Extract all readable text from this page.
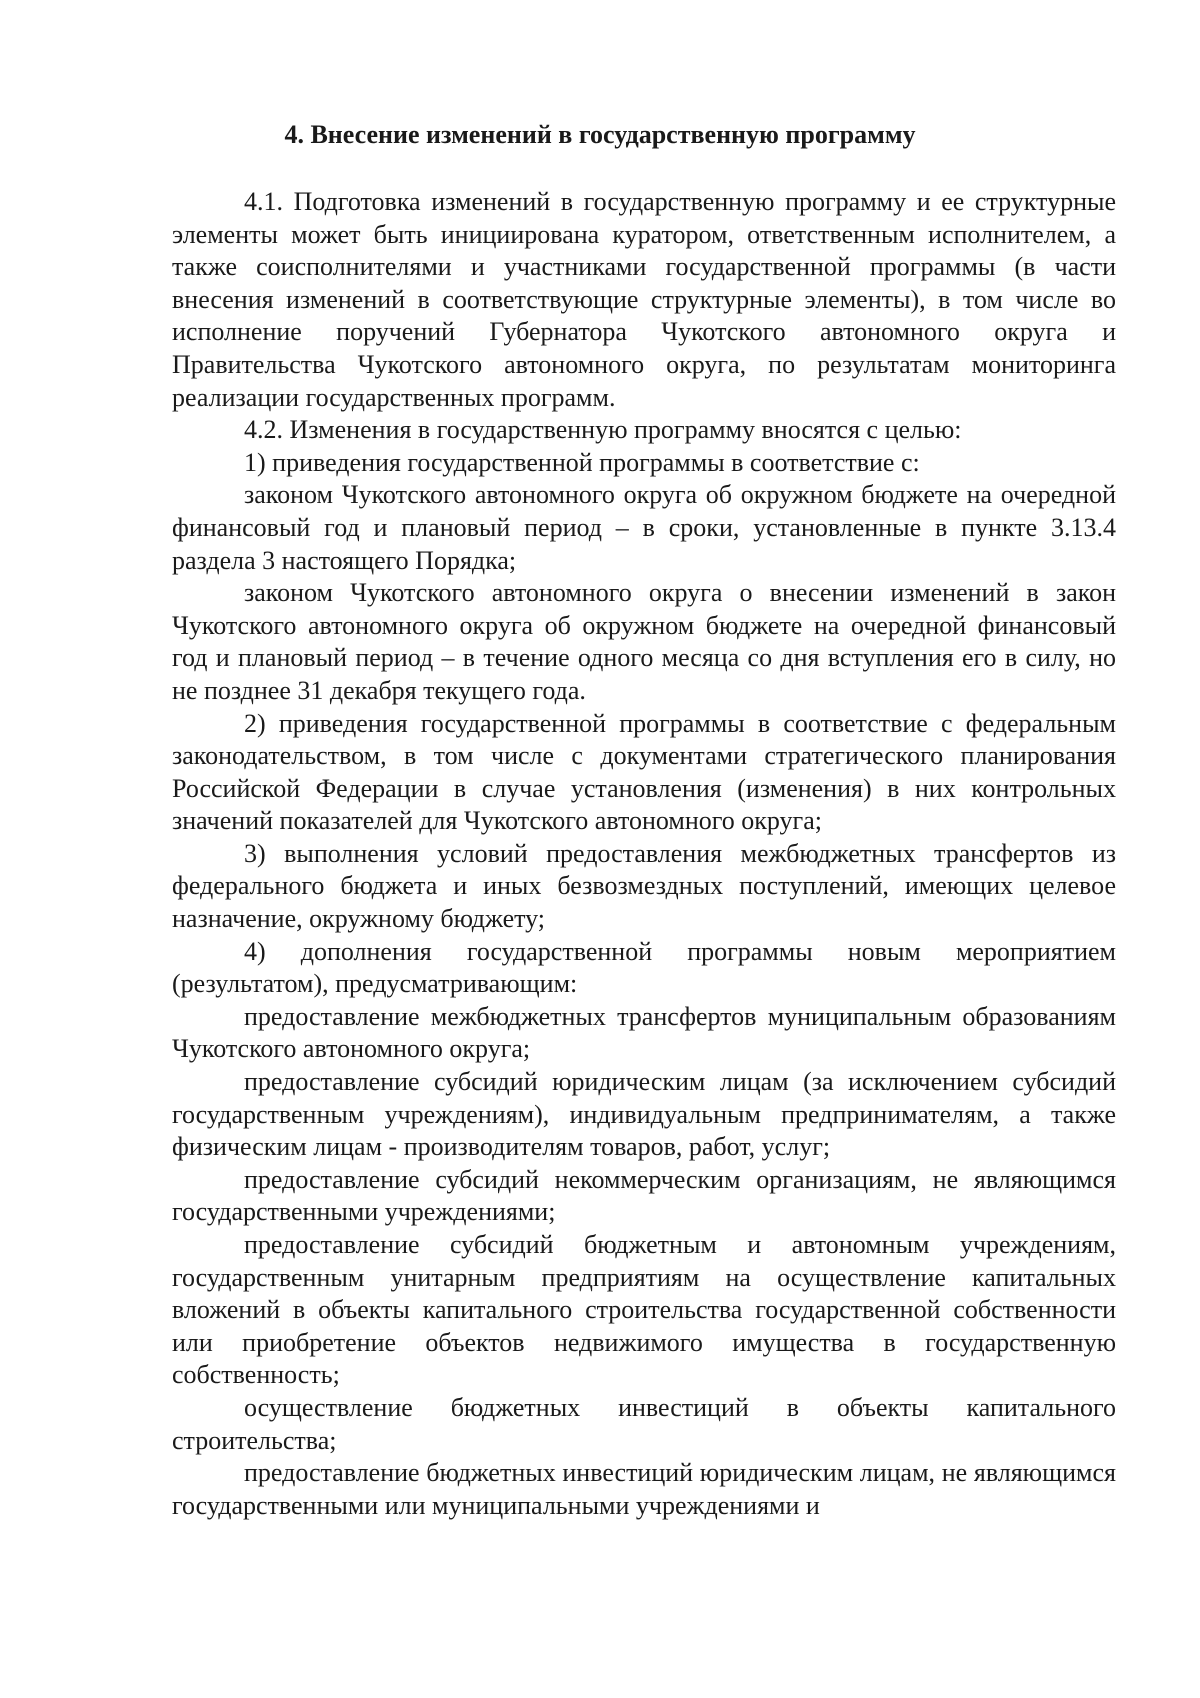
4. Внесение изменений в государственную программу

4.1. Подготовка изменений в государственную программу и ее структурные элементы может быть инициирована куратором, ответственным исполнителем, а также соисполнителями и участниками государственной программы (в части внесения изменений в соответствующие структурные элементы), в том числе во исполнение поручений Губернатора Чукотского автономного округа и Правительства Чукотского автономного округа, по результатам мониторинга реализации государственных программ.

4.2. Изменения в государственную программу вносятся с целью:

1) приведения государственной программы в соответствие с:

законом Чукотского автономного округа об окружном бюджете на очередной финансовый год и плановый период – в сроки, установленные в пункте 3.13.4 раздела 3 настоящего Порядка;

законом Чукотского автономного округа о внесении изменений в закон Чукотского автономного округа об окружном бюджете на очередной финансовый год и плановый период – в течение одного месяца со дня вступления его в силу, но не позднее 31 декабря текущего года.

2) приведения государственной программы в соответствие с федеральным законодательством, в том числе с документами стратегического планирования Российской Федерации в случае установления (изменения) в них контрольных значений показателей для Чукотского автономного округа;

3) выполнения условий предоставления межбюджетных трансфертов из федерального бюджета и иных безвозмездных поступлений, имеющих целевое назначение, окружному бюджету;

4) дополнения государственной программы новым мероприятием (результатом), предусматривающим:

предоставление межбюджетных трансфертов муниципальным образованиям Чукотского автономного округа;

предоставление субсидий юридическим лицам (за исключением субсидий государственным учреждениям), индивидуальным предпринимателям, а также физическим лицам - производителям товаров, работ, услуг;

предоставление субсидий некоммерческим организациям, не являющимся государственными учреждениями;

предоставление субсидий бюджетным и автономным учреждениям, государственным унитарным предприятиям на осуществление капитальных вложений в объекты капитального строительства государственной собственности или приобретение объектов недвижимого имущества в государственную собственность;

осуществление бюджетных инвестиций в объекты капитального строительства;

предоставление бюджетных инвестиций юридическим лицам, не являющимся государственными или муниципальными учреждениями и
